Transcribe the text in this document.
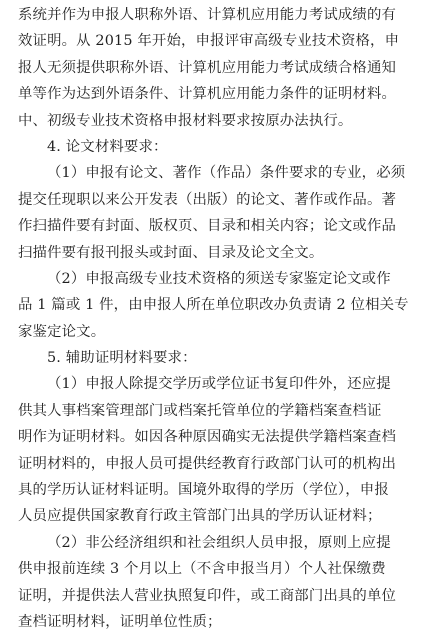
系统并作为申报人职称外语、计算机应用能力考试成绩的有
效证明。从 2015 年开始，申报评审高级专业技术资格，申
报人无须提供职称外语、计算机应用能力考试成绩合格通知
单等作为达到外语条件、计算机应用能力条件的证明材料。
中、初级专业技术资格申报材料要求按原办法执行。
4. 论文材料要求：
（1）申报有论文、著作（作品）条件要求的专业，必须
提交任现职以来公开发表（出版）的论文、著作或作品。著
作扫描件要有封面、版权页、目录和相关内容；论文或作品
扫描件要有报刊报头或封面、目录及论文全文。
（2）申报高级专业技术资格的须送专家鉴定论文或作
品 1 篇或 1 件，由申报人所在单位职改办负责请 2 位相关专
家鉴定论文。
5. 辅助证明材料要求：
（1）申报人除提交学历或学位证书复印件外，还应提
供其人事档案管理部门或档案托管单位的学籍档案查档证
明作为证明材料。如因各种原因确实无法提供学籍档案查档
证明材料的，申报人员可提供经教育行政部门认可的机构出
具的学历认证材料证明。国境外取得的学历（学位），申报
人员应提供国家教育行政主管部门出具的学历认证材料；
（2）非公经济组织和社会组织人员申报，原则上应提
供申报前连续 3 个月以上（不含申报当月）个人社保缴费
证明，并提供法人营业执照复印件，或工商部门出具的单位
查档证明材料，证明单位性质；
